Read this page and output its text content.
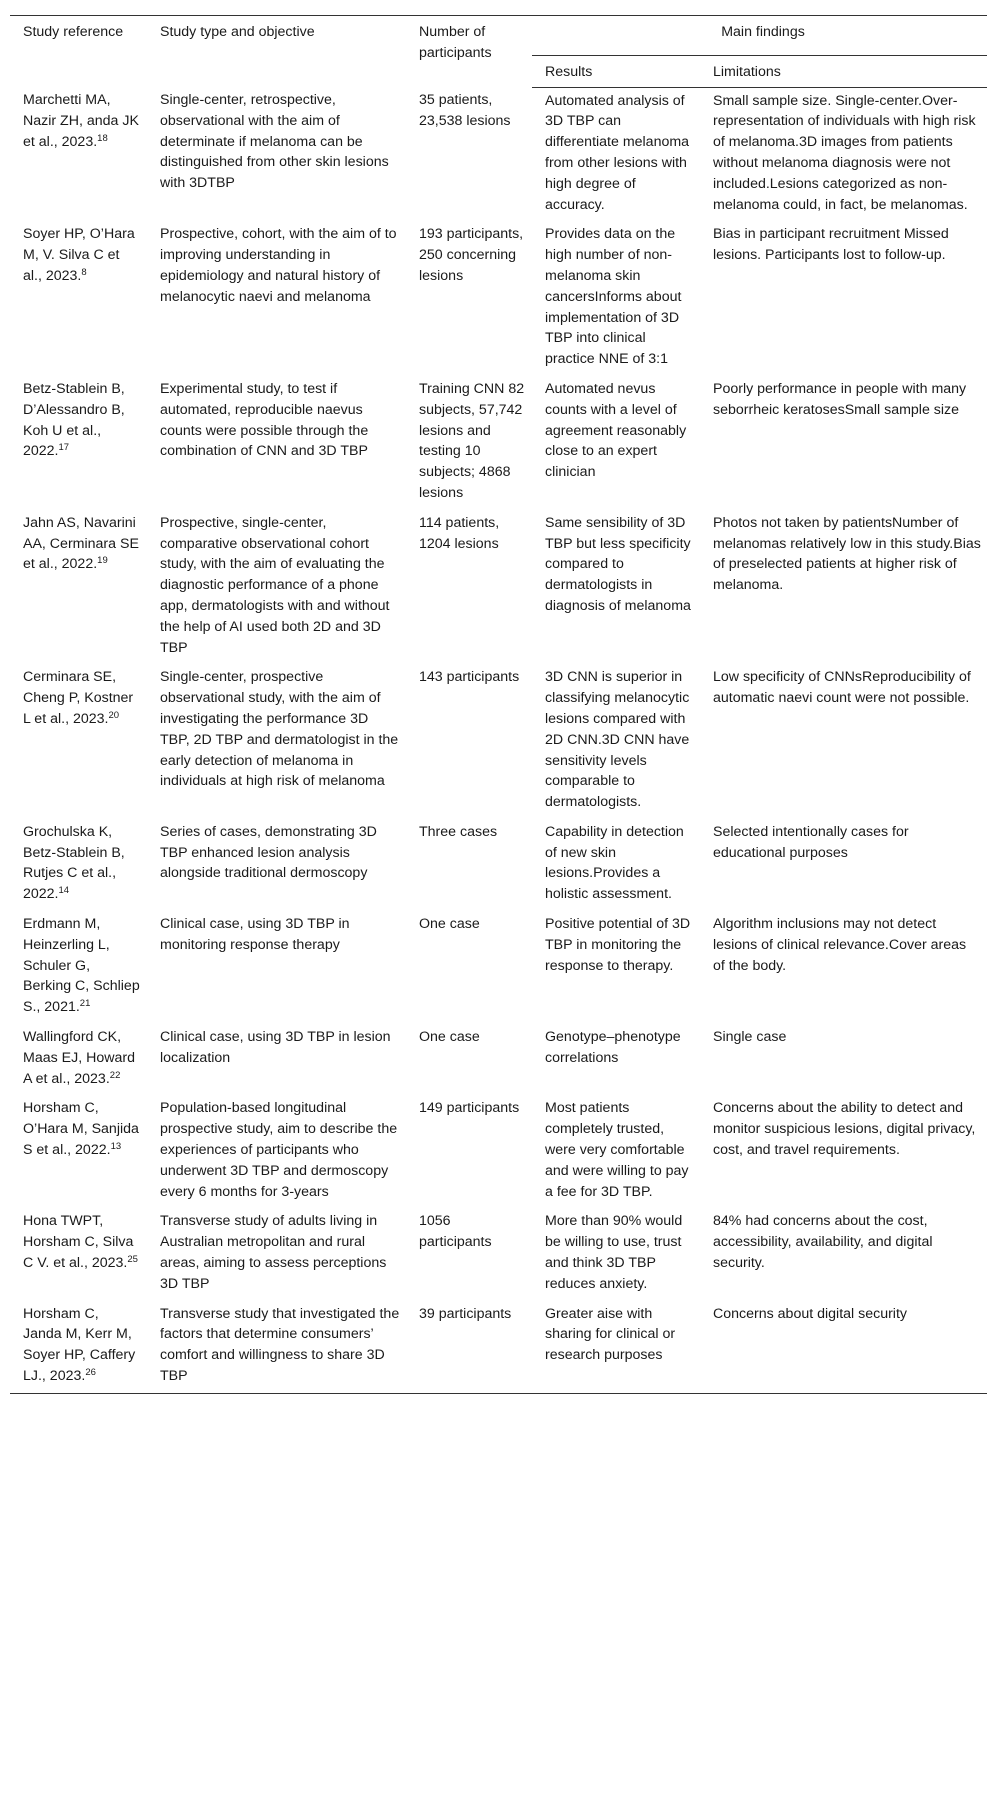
Study reference	Study type and objective	Number of participants	Main findings	
			Results	Limitations
Marchetti MA, Nazir ZH, anda JK et al., 2023.18	Single-center, retrospective, observational with the aim of determinate if melanoma can be distinguished from other skin lesions with 3DTBP	35 patients, 23,538 lesions	Automated analysis of 3D TBP can differentiate melanoma from other lesions with high degree of accuracy.	Small sample size. Single-center.Over-representation of individuals with high risk of melanoma.3D images from patients without melanoma diagnosis were not included.Lesions categorized as non-melanoma could, in fact, be melanomas.
Soyer HP, O’Hara M, V. Silva C et al., 2023.$^8$	Prospective, cohort, with the aim of to improving understanding in epidemiology and natural history of melanocytic naevi and melanoma	193 participants, 250 concerning lesions	Provides data on the high number of non-melanoma skin cancersInforms about implementation of 3D TBP into clinical practice NNE of 3:1	Bias in participant recruitment Missed lesions. Participants lost to follow-up.
Betz-Stablein B, D’Alessandro B, Koh U et al., 2022.17	Experimental study, to test if automated, reproducible naevus counts were possible through the combination of CNN and 3D TBP	Training CNN 82 subjects, 57,742 lesions and testing 10 subjects; 4868 lesions	Automated nevus counts with a level of agreement reasonably close to an expert clinician	Poorly performance in people with many seborrheic keratosesSmall sample size
Jahn AS, Navarini AA, Cerminara SE et al., 2022.19	Prospective, single-center, comparative observational cohort study, with the aim of evaluating the diagnostic performance of a phone app, dermatologists with and without the help of AI used both 2D and 3D TBP	114 patients, 1204 lesions	Same sensibility of 3D TBP but less specificity compared to dermatologists in diagnosis of melanoma	Photos not taken by patientsNumber of melanomas relatively low in this study.Bias of preselected patients at higher risk of melanoma.
Cerminara SE, Cheng P, Kostner L et al., 2023.20	Single-center, prospective observational study, with the aim of investigating the performance 3D TBP, 2D TBP and dermatologist in the early detection of melanoma in individuals at high risk of melanoma	143 participants	3D CNN is superior in classifying melanocytic lesions compared with 2D CNN.3D CNN have sensitivity levels comparable to dermatologists.	Low specificity of CNNsReproducibility of automatic naevi count were not possible.
Grochulska K, Betz-Stablein B, Rutjes C et al., 2022.14	Series of cases, demonstrating 3D TBP enhanced lesion analysis alongside traditional dermoscopy	Three cases	Capability in detection of new skin lesions.Provides a holistic assessment.	Selected intentionally cases for educational purposes
Erdmann M, Heinzerling L, Schuler G, Berking C, Schliep S., 2021.21	Clinical case, using 3D TBP in monitoring response therapy	One case	Positive potential of 3D TBP in monitoring the response to therapy.	Algorithm inclusions may not detect lesions of clinical relevance.Cover areas of the body.
Wallingford CK, Maas EJ, Howard A et al., 2023.22	Clinical case, using 3D TBP in lesion localization	One case	Genotype–phenotype correlations	Single case
Horsham C, O’Hara M, Sanjida S et al., 2022.13	Population-based longitudinal prospective study, aim to describe the experiences of participants who underwent 3D TBP and dermoscopy every 6 months for 3-years	149 participants	Most patients completely trusted, were very comfortable and were willing to pay a fee for 3D TBP.	Concerns about the ability to detect and monitor suspicious lesions, digital privacy, cost, and travel requirements.
Hona TWPT, Horsham C, Silva C V. et al., 2023.25	Transverse study of adults living in Australian metropolitan and rural areas, aiming to assess perceptions 3D TBP	1056 participants	More than 90% would be willing to use, trust and think 3D TBP reduces anxiety.	84% had concerns about the cost, accessibility, availability, and digital security.
Horsham C, Janda M, Kerr M, Soyer HP, Caffery LJ., 2023.26	Transverse study that investigated the factors that determine consumers’ comfort and willingness to share 3D TBP	39 participants	Greater aise with sharing for clinical or research purposes	Concerns about digital security
